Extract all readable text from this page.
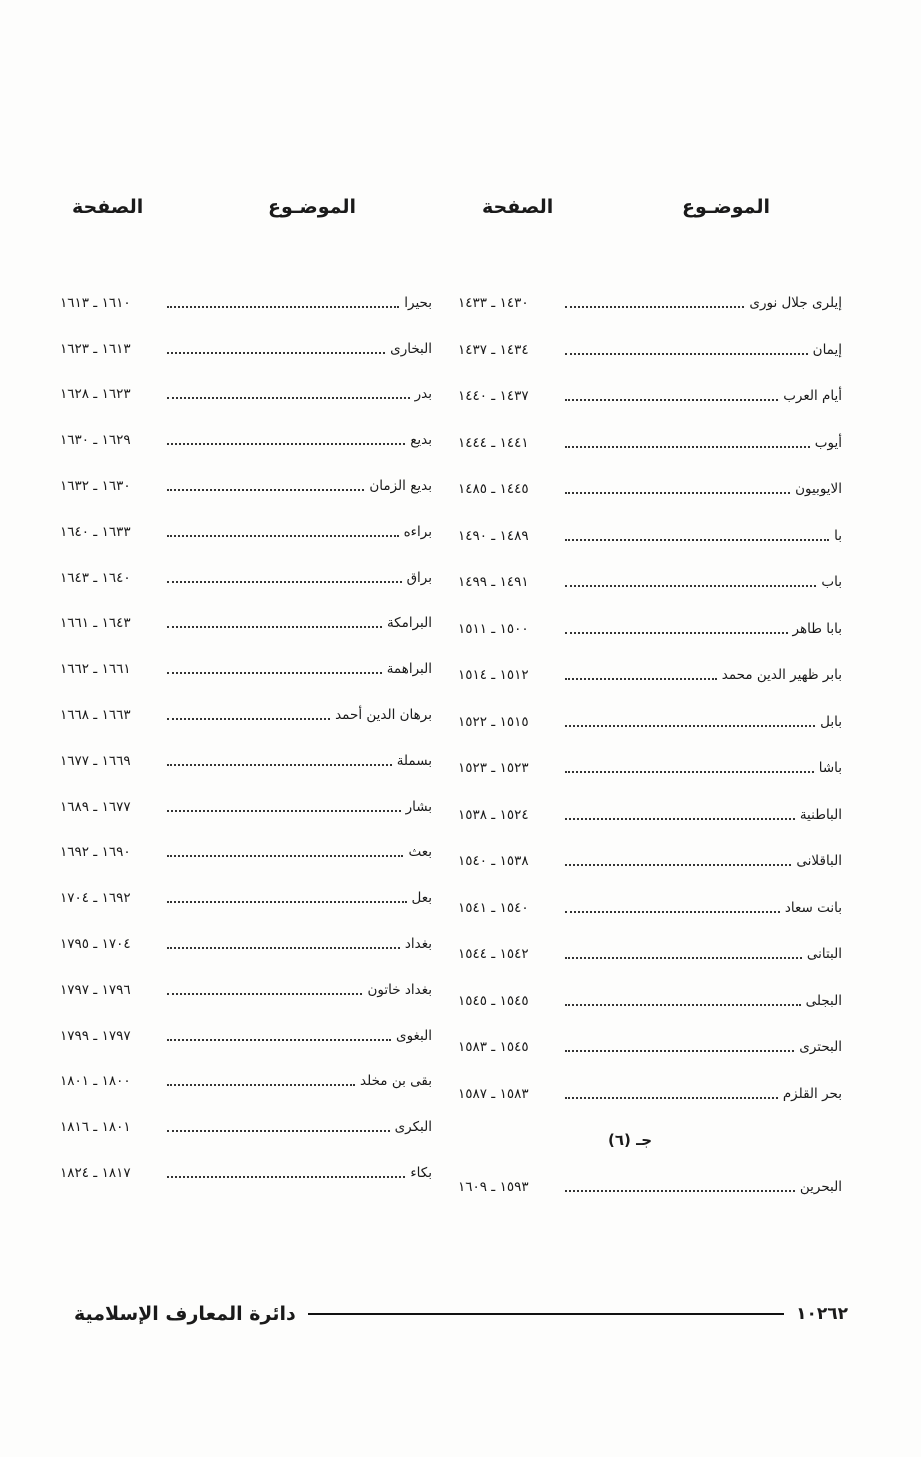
الموضـوع
الصفحة
الموضـوع
الصفحة
إيلرى جلال نورى
١٤٣٠ ـ ١٤٣٣
إيمان
١٤٣٤ ـ ١٤٣٧
أيام العرب
١٤٣٧ ـ ١٤٤٠
أيوب
١٤٤١ ـ ١٤٤٤
الايوبيون
١٤٤٥ ـ ١٤٨٥
با
١٤٨٩ ـ ١٤٩٠
باب
١٤٩١ ـ ١٤٩٩
بابا طاهر
١٥٠٠ ـ ١٥١١
بابر ظهير الدين محمد
١٥١٢ ـ ١٥١٤
بابل
١٥١٥ ـ ١٥٢٢
باشا
١٥٢٣ ـ ١٥٢٣
الباطنية
١٥٢٤ ـ ١٥٣٨
الباقلانى
١٥٣٨ ـ ١٥٤٠
بانت سعاد
١٥٤٠ ـ ١٥٤١
البتانى
١٥٤٢ ـ ١٥٤٤
البجلى
١٥٤٥ ـ ١٥٤٥
البحترى
١٥٤٥ ـ ١٥٨٣
بحر القلزم
١٥٨٣ ـ ١٥٨٧
جـ (٦)
البحرين
١٥٩٣ ـ ١٦٠٩
بحيرا
١٦١٠ ـ ١٦١٣
البخارى
١٦١٣ ـ ١٦٢٣
بدر
١٦٢٣ ـ ١٦٢٨
بديع
١٦٢٩ ـ ١٦٣٠
بديع الزمان
١٦٣٠ ـ ١٦٣٢
براءه
١٦٣٣ ـ ١٦٤٠
براق
١٦٤٠ ـ ١٦٤٣
البرامكة
١٦٤٣ ـ ١٦٦١
البراهمة
١٦٦١ ـ ١٦٦٢
برهان الدين أحمد
١٦٦٣ ـ ١٦٦٨
بسملة
١٦٦٩ ـ ١٦٧٧
بشار
١٦٧٧ ـ ١٦٨٩
بعث
١٦٩٠ ـ ١٦٩٢
بعل
١٦٩٢ ـ ١٧٠٤
بغداد
١٧٠٤ ـ ١٧٩٥
بغداد خاتون
١٧٩٦ ـ ١٧٩٧
البغوى
١٧٩٧ ـ ١٧٩٩
بقى بن مخلد
١٨٠٠ ـ ١٨٠١
البكرى
١٨٠١ ـ ١٨١٦
بكاء
١٨١٧ ـ ١٨٢٤
١٠٢٦٢
دائرة المعارف الإسلامية
